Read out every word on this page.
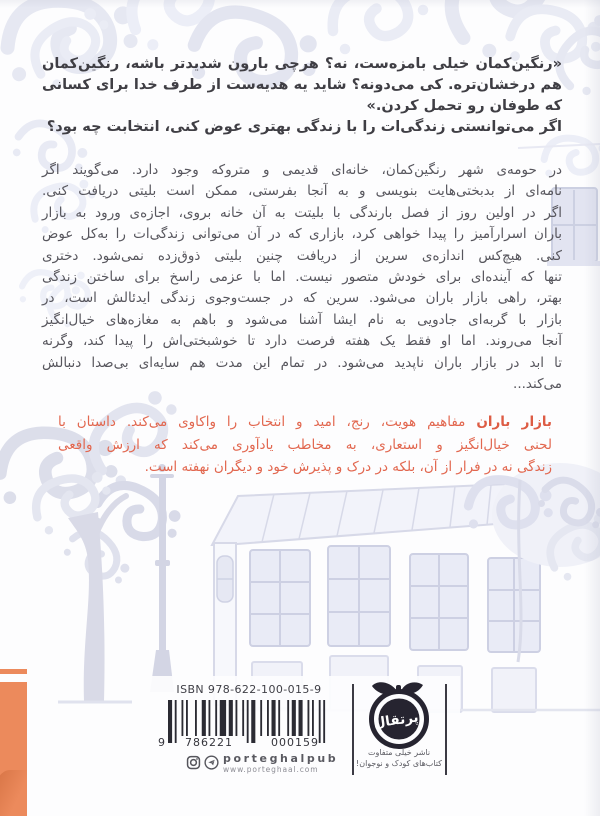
«رنگین‌کمان خیلی بامزه‌ست، نه؟ هرچی بارون شدیدتر باشه، رنگین‌کمان
هم درخشان‌تره. کی می‌دونه؟ شاید یه هدیه‌ست از طرف خدا برای کسانی
که طوفان رو تحمل کردن.»
اگر می‌توانستی زندگی‌ات را با زندگی بهتری عوض کنی، انتخابت چه بود؟
در حومه‌ی شهر رنگین‌کمان، خانه‌ای قدیمی و متروکه وجود دارد. می‌گویند اگر
نامه‌ای از بدبختی‌هایت بنویسی و به آنجا بفرستی، ممکن است بلیتی دریافت کنی.
اگر در اولین روز از فصل بارندگی با بلیتت به آن خانه بروی، اجازه‌ی ورود به بازار
باران اسرارآمیز را پیدا خواهی کرد، بازاری که در آن می‌توانی زندگی‌ات را به‌کل عوض
کنی. هیچ‌کس اندازه‌ی سرین از دریافت چنین بلیتی ذوق‌زده نمی‌شود. دختری
تنها که آینده‌ای برای خودش متصور نیست. اما با عزمی راسخ برای ساختن زندگی
بهتر، راهی بازار باران می‌شود. سرین که در جست‌وجوی زندگی ایدئالش است، در
بازار با گربه‌ای جادویی به نام ایشا آشنا می‌شود و باهم به مغازه‌های خیال‌انگیز
آنجا می‌روند. اما او فقط یک هفته فرصت دارد تا خوشبختی‌اش را پیدا کند، وگرنه
تا ابد در بازار باران ناپدید می‌شود. در تمام این مدت هم سایه‌ای بی‌صدا دنبالش
می‌کند...
بازار باران مفاهیم هویت، رنج، امید و انتخاب را واکاوی می‌کند. داستان با
لحنی خیال‌انگیز و استعاری، به مخاطب یادآوری می‌کند که ارزش واقعی
زندگی نه در فرار از آن، بلکه در درک و پذیرش خود و دیگران نهفته است.
ISBN 978-622-100-015-9
9	786221	000159
porteghalpub
www.porteghaal.com
پرتقال!
ناشر خیلی متفاوت
کتاب‌های کودک و نوجوان!
